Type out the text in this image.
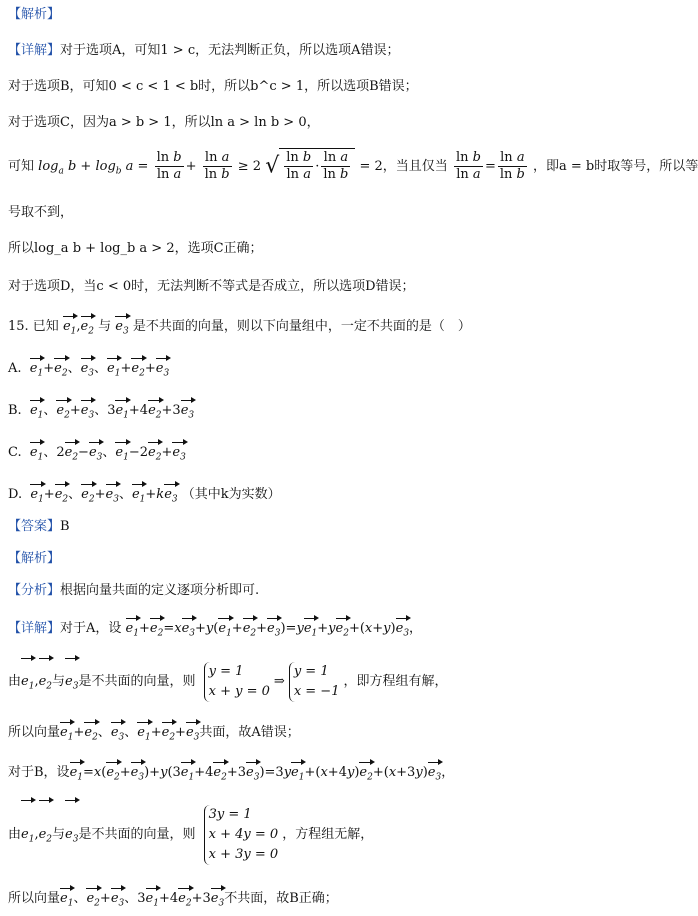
【解析】
【详解】对于选项A，可知1 > c，无法判断正负，所以选项A错误；
对于选项B，可知0 < c < 1 < b时，所以b^c > 1，所以选项B错误；
对于选项C，因为a > b > 1，所以ln a > ln b > 0，
可知 $\log_a b + \log_b a = \frac{\text{ln b}}{\text{ln a}} + \frac{\text{ln a}}{\text{ln b}} \ge 2$ √ $\frac{\text{ln b}}{\text{ln a}} \cdot \frac{\text{ln a}}{\text{ln b}} = 2$，当且仅当 $\frac{\text{ln b}}{\text{ln a}} = \frac{\text{ln a}}{\text{ln b}}$ ，即a = b时取等号，所以等
号取不到，
所以log_a b + log_b a > 2，选项C正确；
对于选项D，当c < 0时，无法判断不等式是否成立，所以选项D错误；
15. 已知 $e_1,e_2$ 与 $e_3$ 是不共面的向量，则以下向量组中，一定不共面的是（　）
A. $e_1+e_2$、$e_3$、$e_1+e_2+e_3$
B. $e_1$、$e_2+e_3$、$3e_1+4e_2+3e_3$
C. $e_1$、$2e_2-e_3$、$e_1-2e_2+e_3$
D. $e_1+e_2$、$e_2+e_3$、$e_1+ke_3$ （其中k为实数）
【答案】B
【解析】
【分析】根据向量共面的定义逐项分析即可.
【详解】对于A，设 $e_1+e_2=xe_3+y(e_1+e_2+e_3)=ye_1+ye_2+(x+y)e_3$，
由$e_1,e_2$与$e_3$是不共面的向量，则
y = 1
x + y = 0
⇒
y = 1
x = −1
，即方程组有解，
所以向量$e_1+e_2$、$e_3$、$e_1+e_2+e_3$共面，故A错误；
对于B，设$e_1=x(e_2+e_3)+y(3e_1+4e_2+3e_3)=3ye_1+(x+4y)e_2+(x+3y)e_3$，
由$e_1,e_2$与$e_3$是不共面的向量，则
3y = 1
x + 4y = 0
x + 3y = 0
，方程组无解，
所以向量$e_1$、$e_2+e_3$、$3e_1+4e_2+3e_3$不共面，故B正确；
